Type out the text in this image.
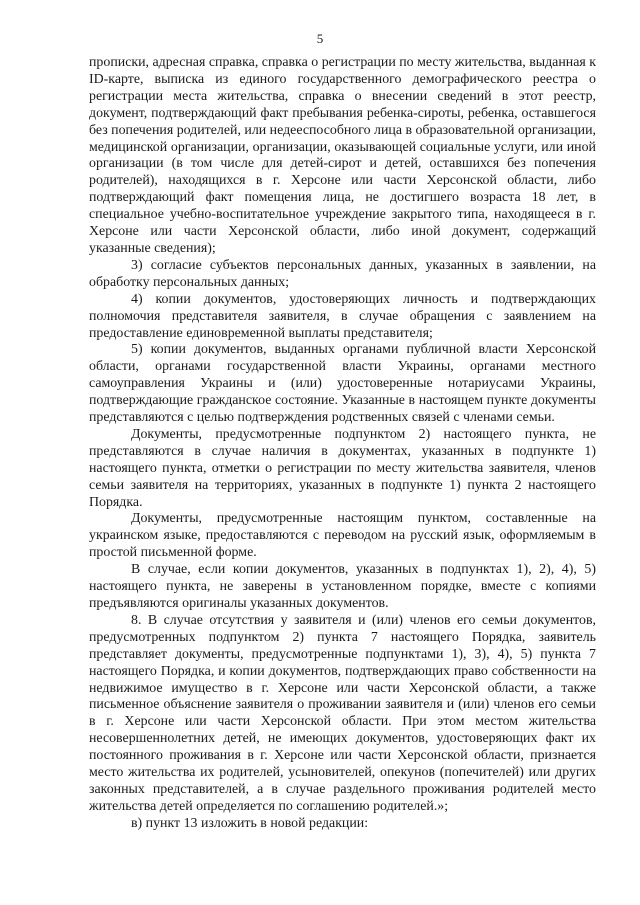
5

прописки, адресная справка, справка о регистрации по месту жительства, выданная к ID-карте, выписка из единого государственного демографического реестра о регистрации места жительства, справка о внесении сведений в этот реестр, документ, подтверждающий факт пребывания ребенка-сироты, ребенка, оставшегося без попечения родителей, или недееспособного лица в образовательной организации, медицинской организации, организации, оказывающей социальные услуги, или иной организации (в том числе для детей-сирот и детей, оставшихся без попечения родителей), находящихся в г. Херсоне или части Херсонской области, либо подтверждающий факт помещения лица, не достигшего возраста 18 лет, в специальное учебно-воспитательное учреждение закрытого типа, находящееся в г. Херсоне или части Херсонской области, либо иной документ, содержащий указанные сведения);

3) согласие субъектов персональных данных, указанных в заявлении, на обработку персональных данных;

4) копии документов, удостоверяющих личность и подтверждающих полномочия представителя заявителя, в случае обращения с заявлением на предоставление единовременной выплаты представителя;

5) копии документов, выданных органами публичной власти Херсонской области, органами государственной власти Украины, органами местного самоуправления Украины и (или) удостоверенные нотариусами Украины, подтверждающие гражданское состояние. Указанные в настоящем пункте документы представляются с целью подтверждения родственных связей с членами семьи.

Документы, предусмотренные подпунктом 2) настоящего пункта, не представляются в случае наличия в документах, указанных в подпункте 1) настоящего пункта, отметки о регистрации по месту жительства заявителя, членов семьи заявителя на территориях, указанных в подпункте 1) пункта 2 настоящего Порядка.

Документы, предусмотренные настоящим пунктом, составленные на украинском языке, предоставляются с переводом на русский язык, оформляемым в простой письменной форме.

В случае, если копии документов, указанных в подпунктах 1), 2), 4), 5) настоящего пункта, не заверены в установленном порядке, вместе с копиями предъявляются оригиналы указанных документов.

8. В случае отсутствия у заявителя и (или) членов его семьи документов, предусмотренных подпунктом 2) пункта 7 настоящего Порядка, заявитель представляет документы, предусмотренные подпунктами 1), 3), 4), 5) пункта 7 настоящего Порядка, и копии документов, подтверждающих право собственности на недвижимое имущество в г. Херсоне или части Херсонской области, а также письменное объяснение заявителя о проживании заявителя и (или) членов его семьи в г. Херсоне или части Херсонской области. При этом местом жительства несовершеннолетних детей, не имеющих документов, удостоверяющих факт их постоянного проживания в г. Херсоне или части Херсонской области, признается место жительства их родителей, усыновителей, опекунов (попечителей) или других законных представителей, а в случае раздельного проживания родителей место жительства детей определяется по соглашению родителей.»;

в) пункт 13 изложить в новой редакции:
